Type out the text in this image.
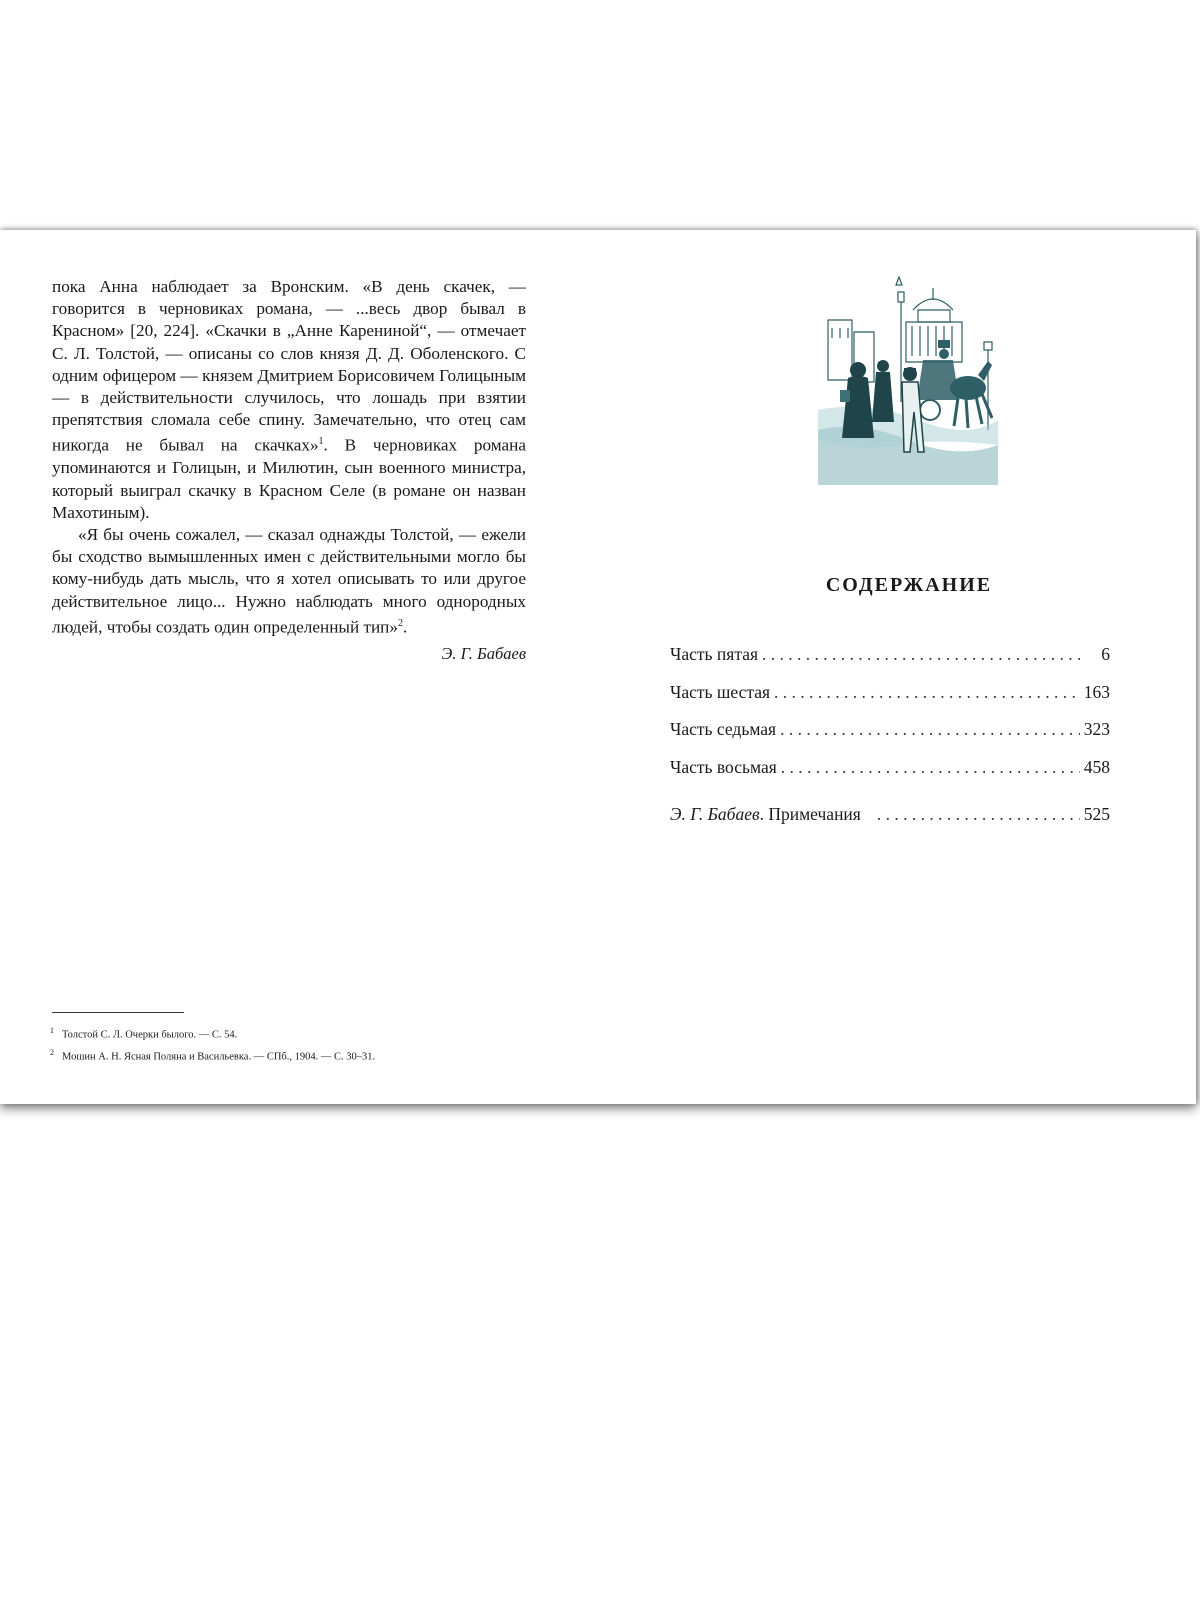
пока Анна наблюдает за Вронским. «В день скачек, — говорится в черновиках романа, — ...весь двор бывал в Красном» [20, 224]. «Скачки в „Анне Карениной“, — отмечает С. Л. Толстой, — описаны со слов князя Д. Д. Оболенского. С одним офицером — князем Дмитрием Борисовичем Голицыным — в действительности случилось, что лошадь при взятии препятствия сломала себе спину. Замечательно, что отец сам никогда не бывал на скачках»$^1$. В черновиках романа упоминаются и Голицын, и Милютин, сын военного министра, который выиграл скачку в Красном Селе (в романе он назван Махотиным).

«Я бы очень сожалел, — сказал однажды Толстой, — ежели бы сходство вымышленных имен с действительными могло бы кому-нибудь дать мысль, что я хотел описывать то или другое действительное лицо... Нужно наблюдать много однородных людей, чтобы создать один определенный тип»$^2$.

Э. Г. Бабаев
$^1$ Толстой С. Л. Очерки былого. — С. 54.
$^2$ Мошин А. Н. Ясная Поляна и Васильевка. — СПб., 1904. — С. 30–31.
СОДЕРЖАНИЕ
Часть пятая . . .	6
Часть шестая . . .	163
Часть седьмая . . .	323
Часть восьмая . . .	458
Э. Г. Бабаев. Примечания . . .	525
